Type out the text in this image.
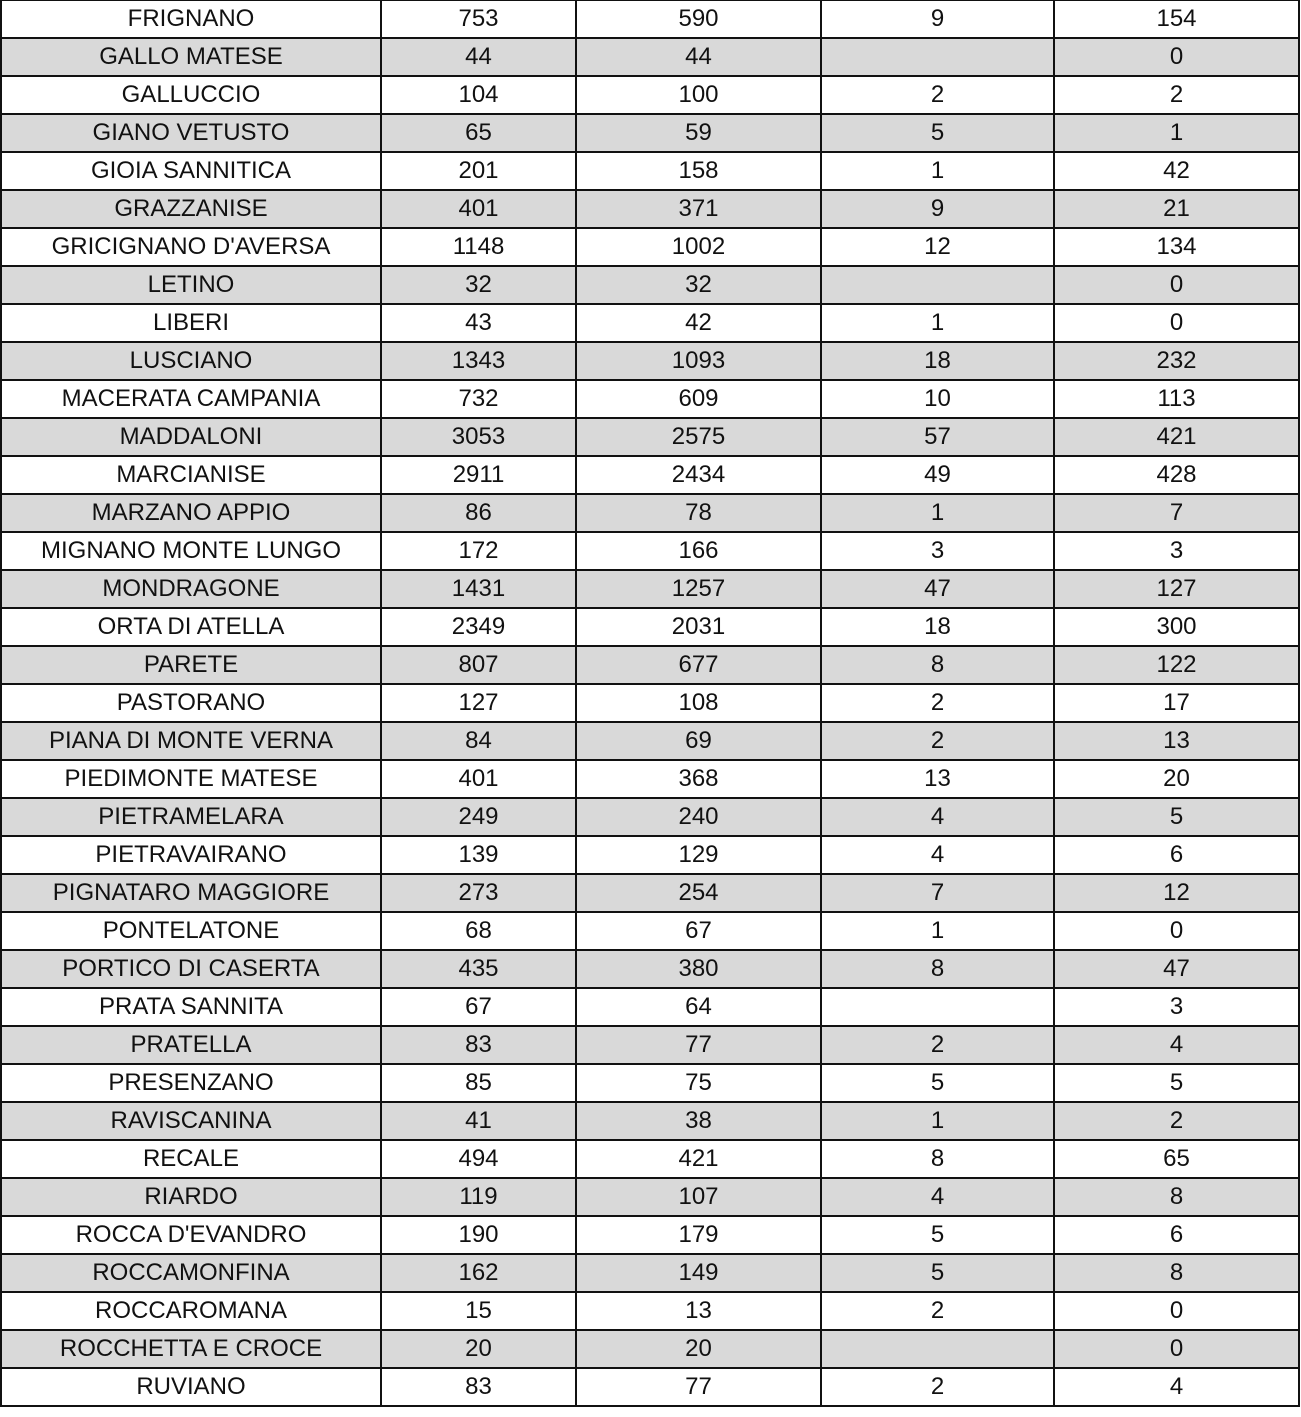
FRIGNANO	753	590	9	154
GALLO MATESE	44	44		0
GALLUCCIO	104	100	2	2
GIANO VETUSTO	65	59	5	1
GIOIA SANNITICA	201	158	1	42
GRAZZANISE	401	371	9	21
GRICIGNANO D'AVERSA	1148	1002	12	134
LETINO	32	32		0
LIBERI	43	42	1	0
LUSCIANO	1343	1093	18	232
MACERATA CAMPANIA	732	609	10	113
MADDALONI	3053	2575	57	421
MARCIANISE	2911	2434	49	428
MARZANO APPIO	86	78	1	7
MIGNANO MONTE LUNGO	172	166	3	3
MONDRAGONE	1431	1257	47	127
ORTA DI ATELLA	2349	2031	18	300
PARETE	807	677	8	122
PASTORANO	127	108	2	17
PIANA DI MONTE VERNA	84	69	2	13
PIEDIMONTE MATESE	401	368	13	20
PIETRAMELARA	249	240	4	5
PIETRAVAIRANO	139	129	4	6
PIGNATARO MAGGIORE	273	254	7	12
PONTELATONE	68	67	1	0
PORTICO DI CASERTA	435	380	8	47
PRATA SANNITA	67	64		3
PRATELLA	83	77	2	4
PRESENZANO	85	75	5	5
RAVISCANINA	41	38	1	2
RECALE	494	421	8	65
RIARDO	119	107	4	8
ROCCA D'EVANDRO	190	179	5	6
ROCCAMONFINA	162	149	5	8
ROCCAROMANA	15	13	2	0
ROCCHETTA E CROCE	20	20		0
RUVIANO	83	77	2	4
